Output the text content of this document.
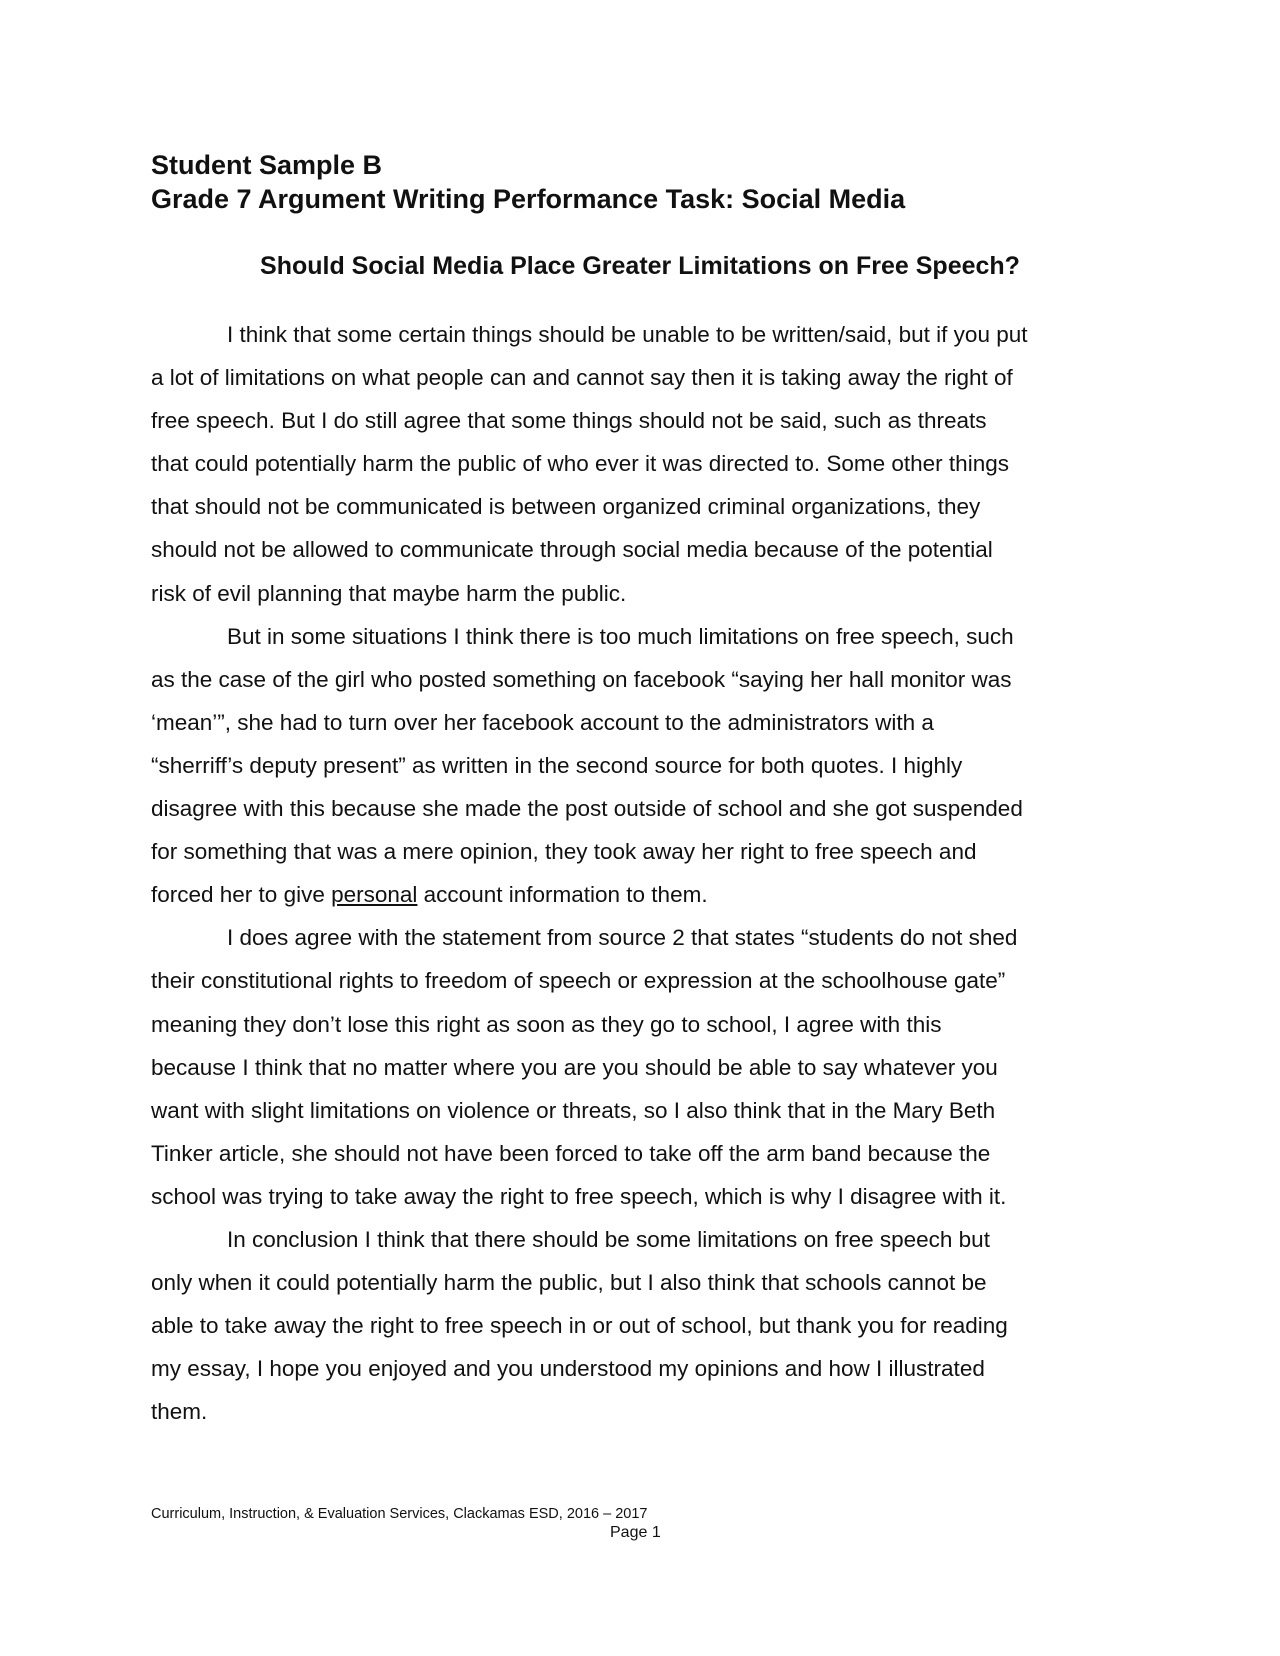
Student Sample B
Grade 7 Argument Writing Performance Task: Social Media
Should Social Media Place Greater Limitations on Free Speech?
I think that some certain things should be unable to be written/said, but if you put
a lot of limitations on what people can and cannot say then it is taking away the right of
free speech. But I do still agree that some things should not be said, such as threats
that could potentially harm the public of who ever it was directed to. Some other things
that should not be communicated is between organized criminal organizations, they
should not be allowed to communicate through social media because of the potential
risk of evil planning that maybe harm the public.
But in some situations I think there is too much limitations on free speech, such
as the case of the girl who posted something on facebook “saying her hall monitor was
‘mean’”, she had to turn over her facebook account to the administrators with a
“sherriff’s deputy present” as written in the second source for both quotes. I highly
disagree with this because she made the post outside of school and she got suspended
for something that was a mere opinion, they took away her right to free speech and
forced her to give personal account information to them.
I does agree with the statement from source 2 that states “students do not shed
their constitutional rights to freedom of speech or expression at the schoolhouse gate”
meaning they don’t lose this right as soon as they go to school, I agree with this
because I think that no matter where you are you should be able to say whatever you
want with slight limitations on violence or threats, so I also think that in the Mary Beth
Tinker article, she should not have been forced to take off the arm band because the
school was trying to take away the right to free speech, which is why I disagree with it.
In conclusion I think that there should be some limitations on free speech but
only when it could potentially harm the public, but I also think that schools cannot be
able to take away the right to free speech in or out of school, but thank you for reading
my essay, I hope you enjoyed and you understood my opinions and how I illustrated
them.
Curriculum, Instruction, & Evaluation Services, Clackamas ESD, 2016 – 2017
Page 1
